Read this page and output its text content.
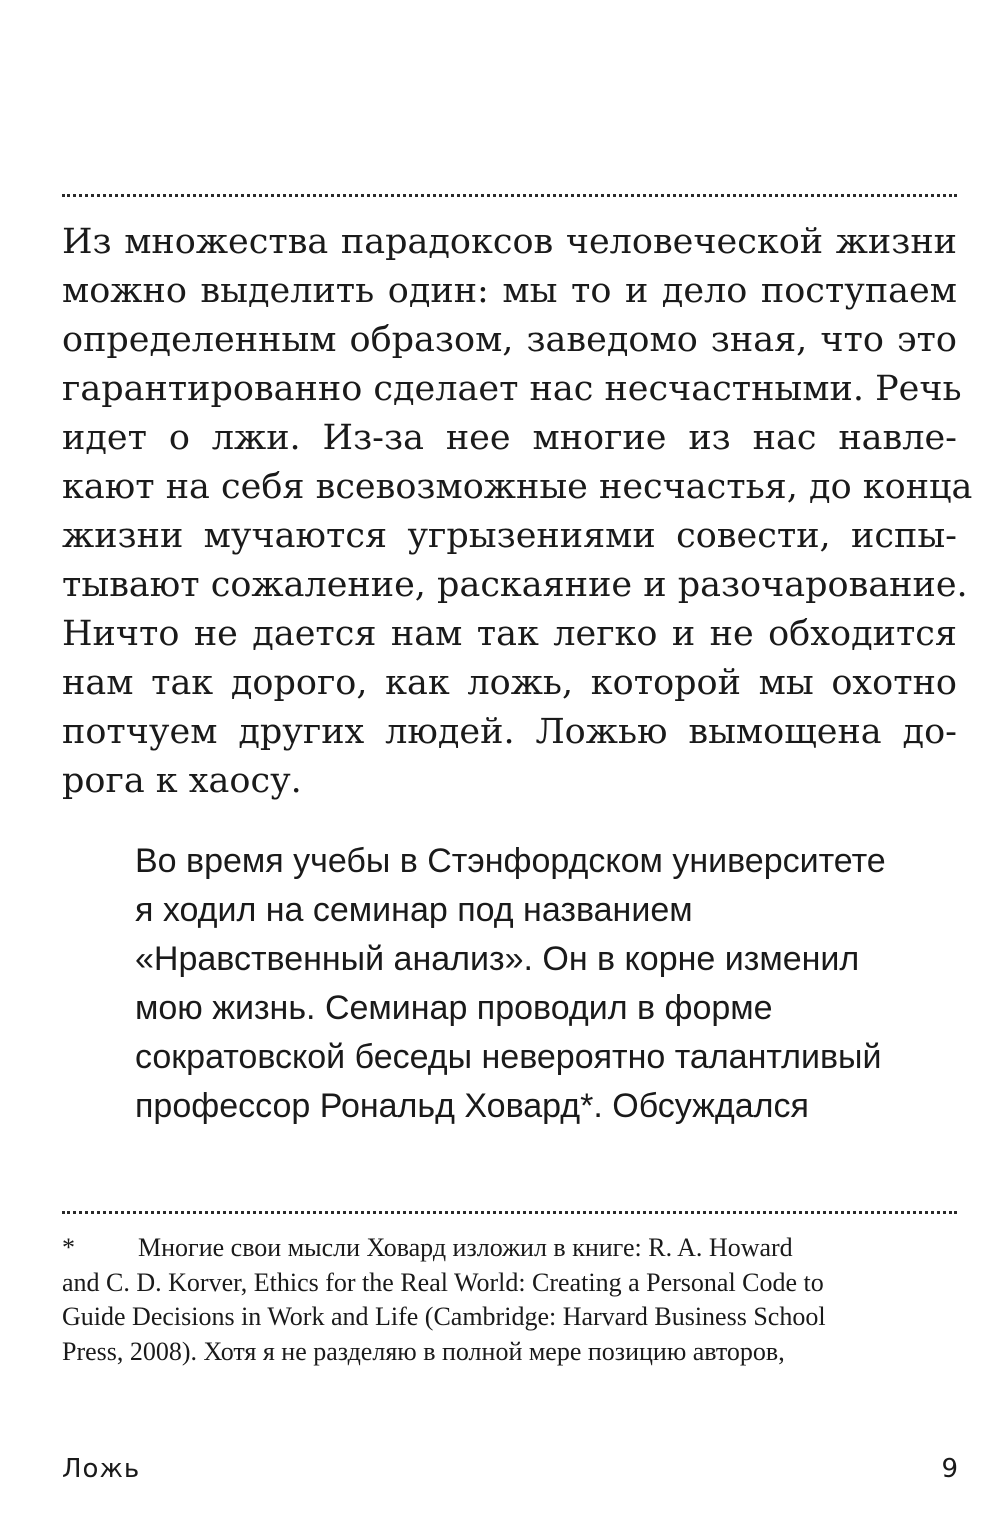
Из множества парадоксов человеческой жизни
можно выделить один: мы то и дело поступаем
определенным образом, заведомо зная, что это
гарантированно сделает нас несчастными. Речь
идет о лжи. Из-за нее многие из нас навле-
кают на себя всевозможные несчастья, до конца
жизни мучаются угрызениями совести, испы-
тывают сожаление, раскаяние и разочарование.
Ничто не дается нам так легко и не обходится
нам так дорого, как ложь, которой мы охотно
потчуем других людей. Ложью вымощена до-
рога к хаосу.

Во время учебы в Стэнфордском университете
я ходил на семинар под названием
«Нравственный анализ». Он в корне изменил
мою жизнь. Семинар проводил в форме
сократовской беседы невероятно талантливый
профессор Рональд Ховард*. Обсуждался

* Многие свои мысли Ховард изложил в книге: R. A. Howard
and C. D. Korver, Ethics for the Real World: Creating a Personal Code to
Guide Decisions in Work and Life (Cambridge: Harvard Business School
Press, 2008). Хотя я не разделяю в полной мере позицию авторов,

Ложь	9
